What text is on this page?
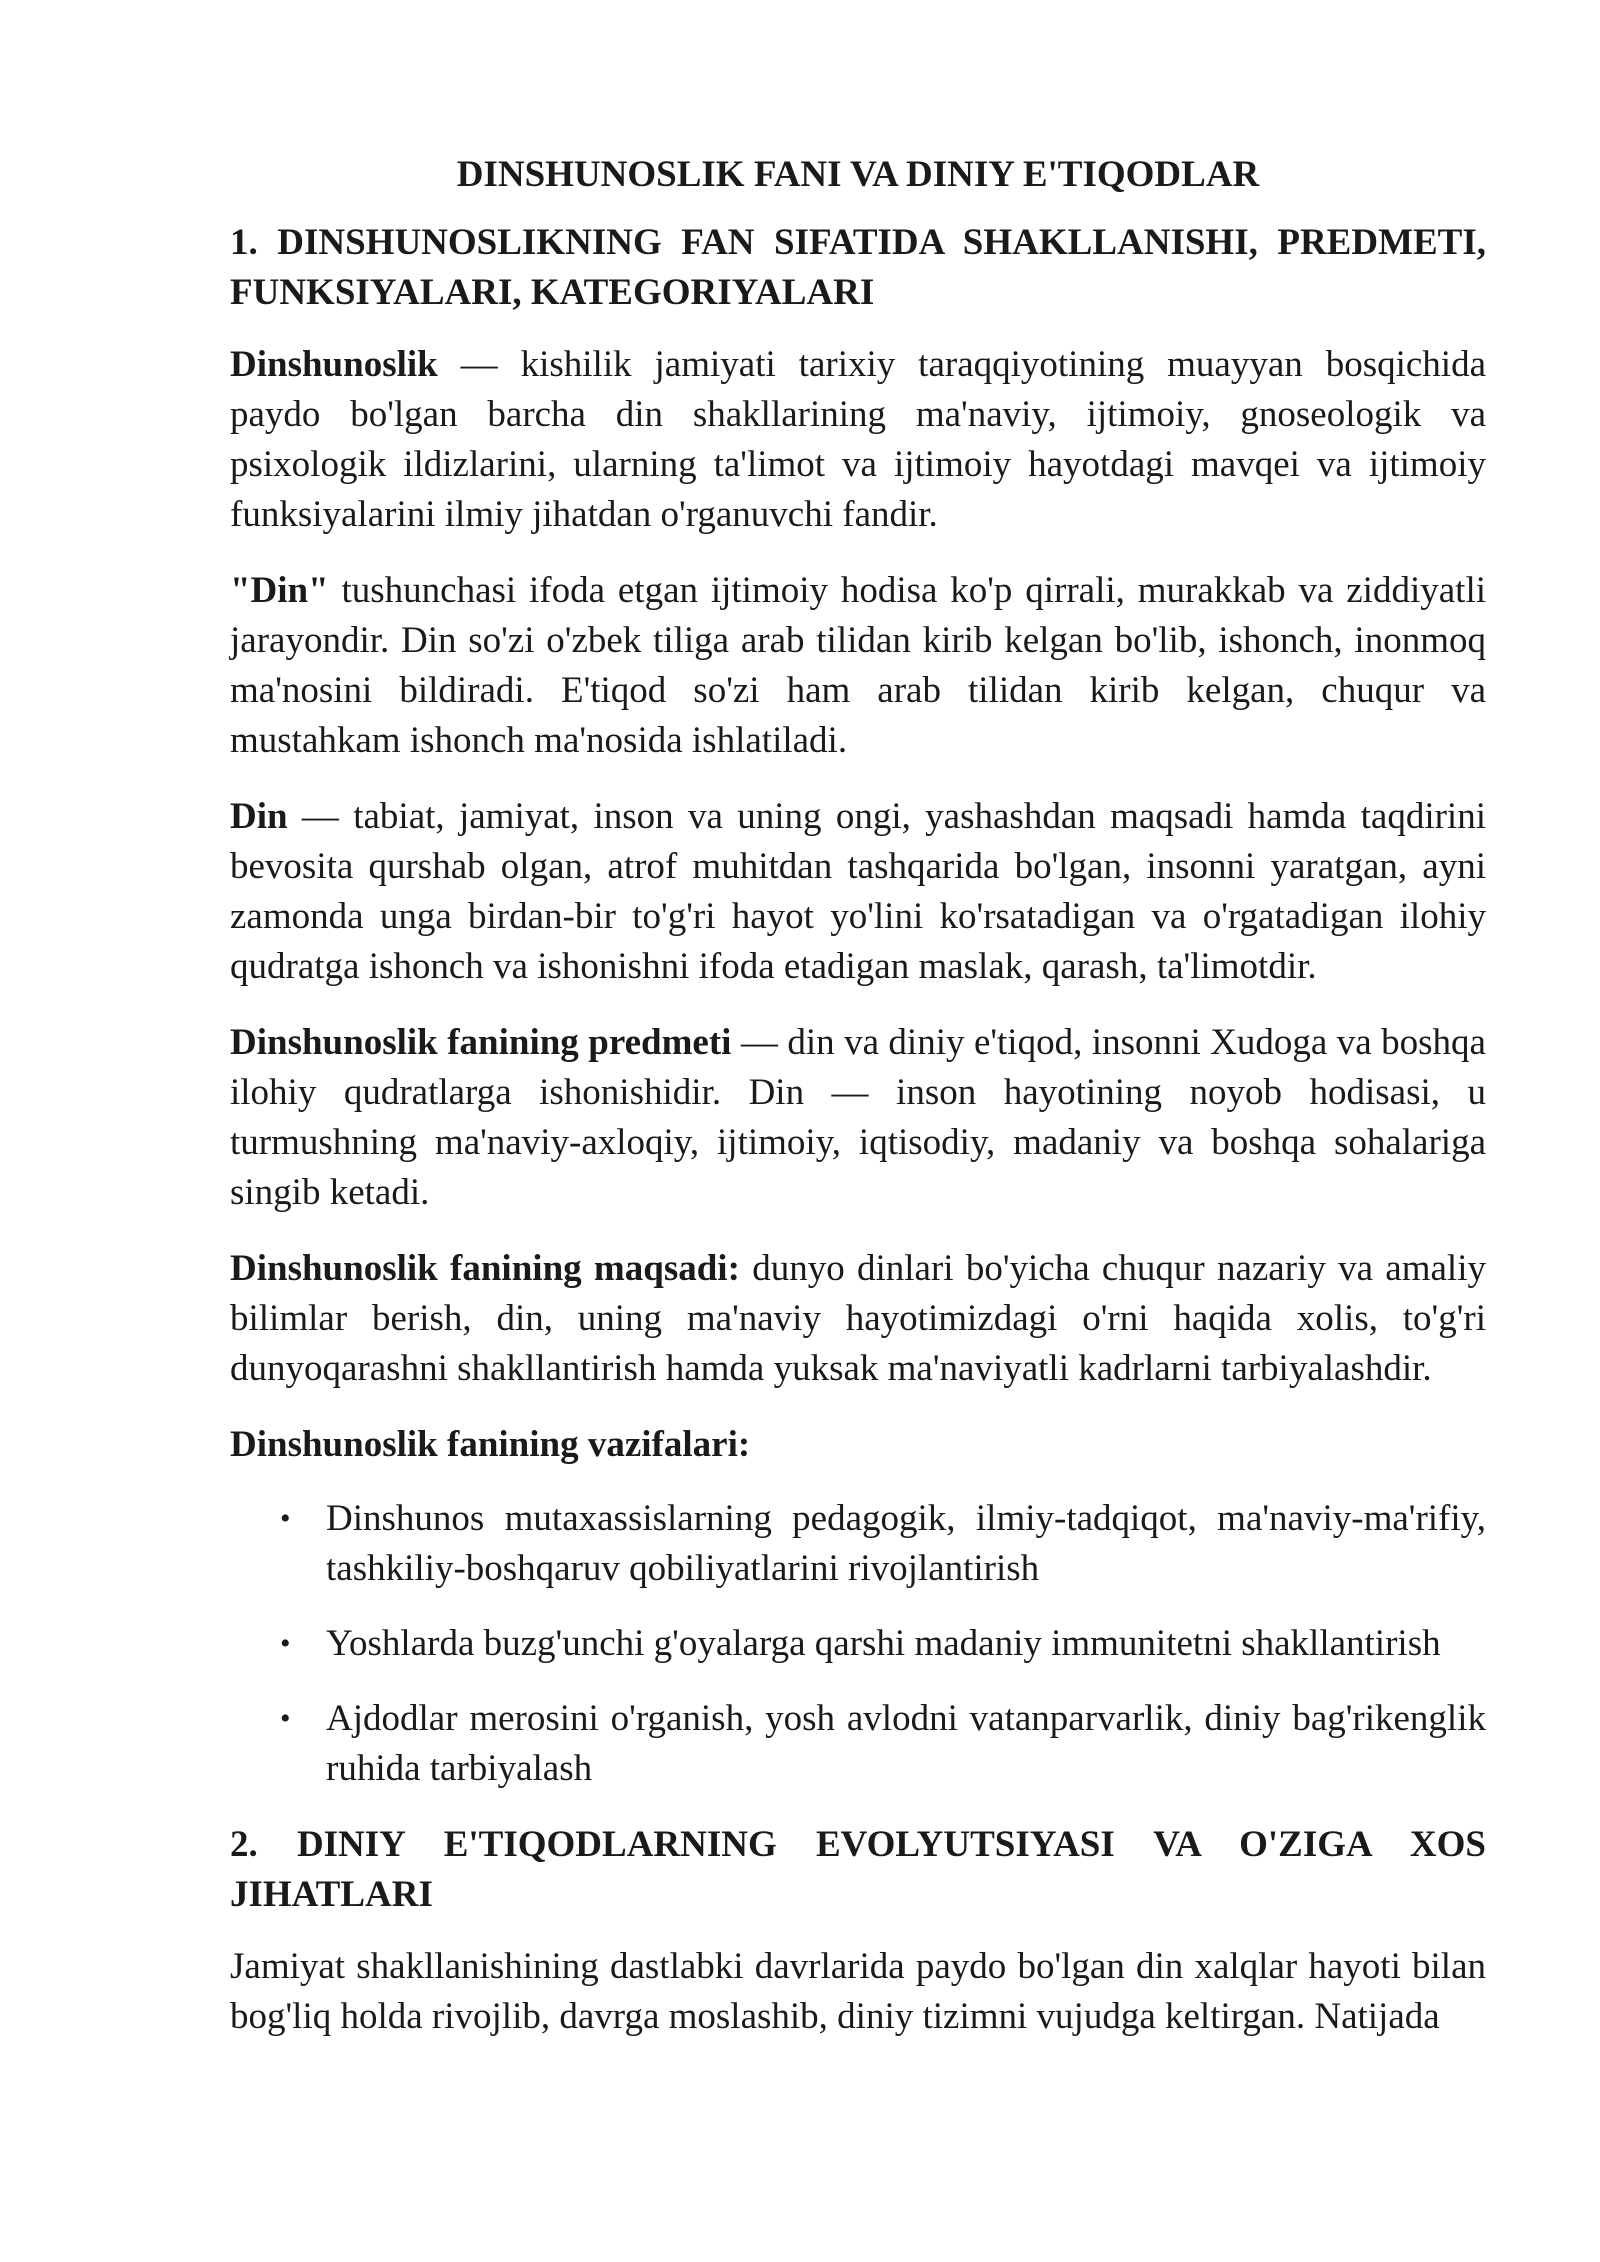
DINSHUNOSLIK FANI VA DINIY E'TIQODLAR
1. DINSHUNOSLIKNING FAN SIFATIDA SHAKLLANISHI, PREDMETI, FUNKSIYALARI, KATEGORIYALARI

Dinshunoslik — kishilik jamiyati tarixiy taraqqiyotining muayyan bosqichida paydo bo'lgan barcha din shakllarining ma'naviy, ijtimoiy, gnoseologik va psixologik ildizlarini, ularning ta'limot va ijtimoiy hayotdagi mavqei va ijtimoiy funksiyalarini ilmiy jihatdan o'rganuvchi fandir.

"Din" tushunchasi ifoda etgan ijtimoiy hodisa ko'p qirrali, murakkab va ziddiyatli jarayondir. Din so'zi o'zbek tiliga arab tilidan kirib kelgan bo'lib, ishonch, inonmoq ma'nosini bildiradi. E'tiqod so'zi ham arab tilidan kirib kelgan, chuqur va mustahkam ishonch ma'nosida ishlatiladi.

Din — tabiat, jamiyat, inson va uning ongi, yashashdan maqsadi hamda taqdirini bevosita qurshab olgan, atrof muhitdan tashqarida bo'lgan, insonni yaratgan, ayni zamonda unga birdan-bir to'g'ri hayot yo'lini ko'rsatadigan va o'rgatadigan ilohiy qudratga ishonch va ishonishni ifoda etadigan maslak, qarash, ta'limotdir.

Dinshunoslik fanining predmeti — din va diniy e'tiqod, insonni Xudoga va boshqa ilohiy qudratlarga ishonishidir. Din — inson hayotining noyob hodisasi, u turmushning ma'naviy-axloqiy, ijtimoiy, iqtisodiy, madaniy va boshqa sohalariga singib ketadi.

Dinshunoslik fanining maqsadi: dunyo dinlari bo'yicha chuqur nazariy va amaliy bilimlar berish, din, uning ma'naviy hayotimizdagi o'rni haqida xolis, to'g'ri dunyoqarashni shakllantirish hamda yuksak ma'naviyatli kadrlarni tarbiyalashdir.

Dinshunoslik fanining vazifalari:

• Dinshunos mutaxassislarning pedagogik, ilmiy-tadqiqot, ma'naviy-ma'rifiy, tashkiliy-boshqaruv qobiliyatlarini rivojlantirish
• Yoshlarda buzg'unchi g'oyalarga qarshi madaniy immunitetni shakllantirish
• Ajdodlar merosini o'rganish, yosh avlodni vatanparvarlik, diniy bag'rikenglik ruhida tarbiyalash
2. DINIY E'TIQODLARNING EVOLYUTSIYASI VA O'ZIGA XOS JIHATLARI

Jamiyat shakllanishining dastlabki davrlarida paydo bo'lgan din xalqlar hayoti bilan bog'liq holda rivojlib, davrga moslashib, diniy tizimni vujudga keltirgan. Natijada
